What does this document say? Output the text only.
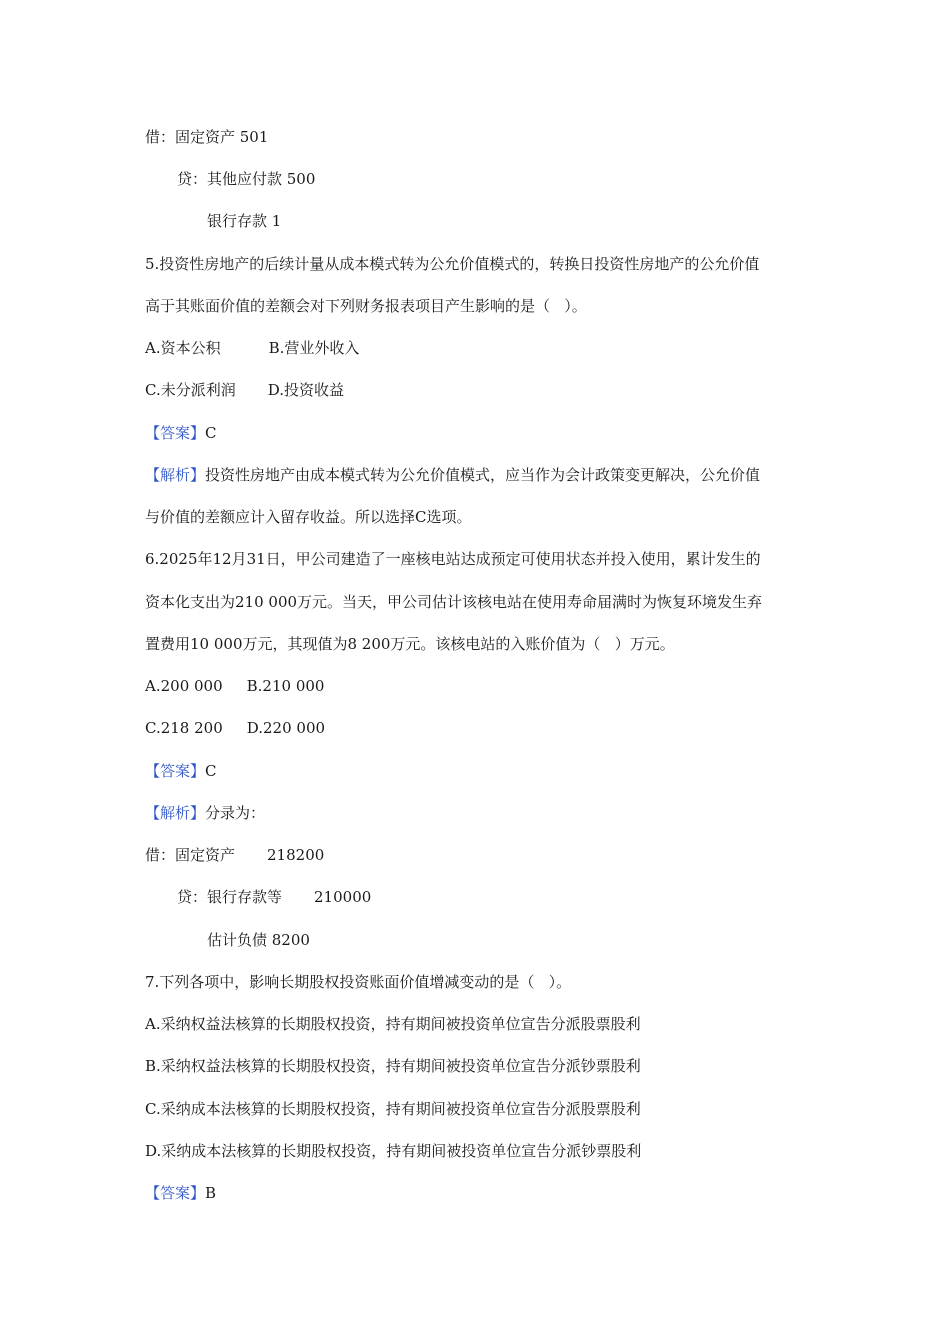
借：固定资产 501
贷：其他应付款 500
银行存款 1
5.投资性房地产的后续计量从成本模式转为公允价值模式的，转换日投资性房地产的公允价值
高于其账面价值的差额会对下列财务报表项目产生影响的是（   ）。
A.资本公积	B.营业外收入
C.未分派利润 D.投资收益
【答案】C
【解析】投资性房地产由成本模式转为公允价值模式，应当作为会计政策变更解决，公允价值
与价值的差额应计入留存收益。所以选择C选项。
6.2025年12月31日，甲公司建造了一座核电站达成预定可使用状态并投入使用，累计发生的
资本化支出为210 000万元。当天，甲公司估计该核电站在使用寿命届满时为恢复环境发生弃
置费用10 000万元，其现值为8 200万元。该核电站的入账价值为（   ）万元。
A.200 000 B.210 000
C.218 200 D.220 000
【答案】C
【解析】分录为：
借：固定资产 218200
贷：银行存款等 210000
估计负债 8200
7.下列各项中，影响长期股权投资账面价值增减变动的是（   ）。
A.采纳权益法核算的长期股权投资，持有期间被投资单位宣告分派股票股利
B.采纳权益法核算的长期股权投资，持有期间被投资单位宣告分派钞票股利
C.采纳成本法核算的长期股权投资，持有期间被投资单位宣告分派股票股利
D.采纳成本法核算的长期股权投资，持有期间被投资单位宣告分派钞票股利
【答案】B
